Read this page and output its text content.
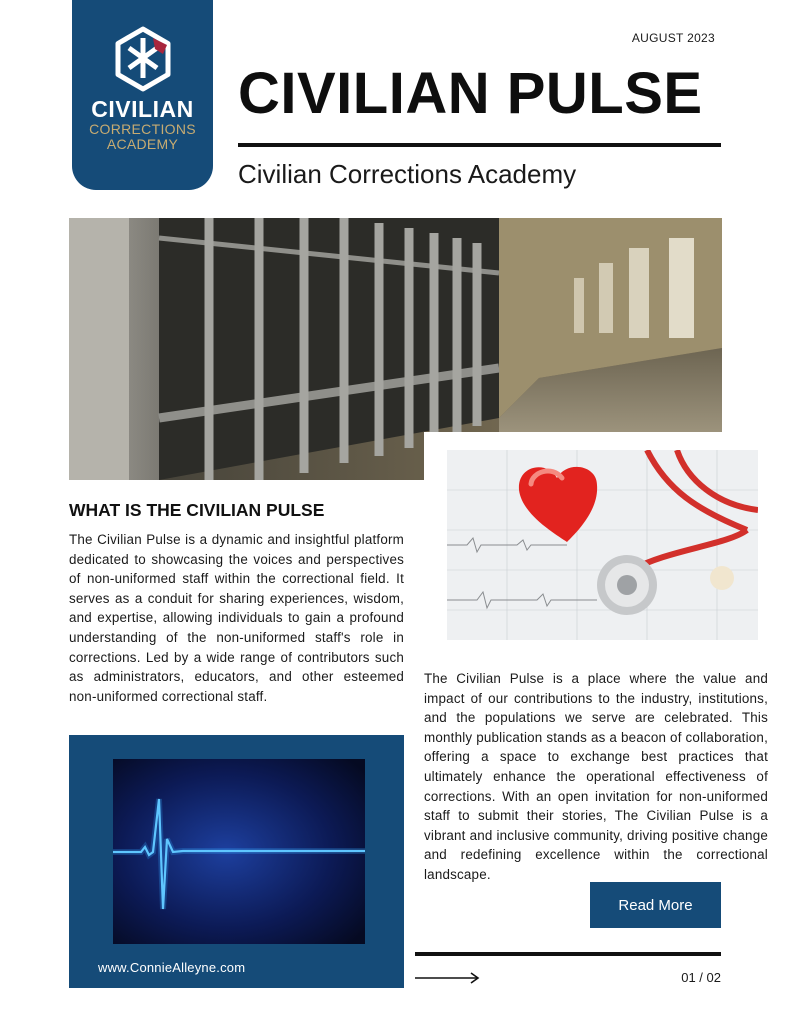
CIVILIAN
CORRECTIONS
ACADEMY
AUGUST 2023
CIVILIAN PULSE
Civilian Corrections Academy
WHAT IS THE CIVILIAN PULSE
The Civilian Pulse is a dynamic and insightful platform dedicated to showcasing the voices and perspectives of non-uniformed staff within the correctional field. It serves as a conduit for sharing experiences, wisdom, and expertise, allowing individuals to gain a profound understanding of the non-uniformed staff's role in corrections. Led by a wide range of contributors such as administrators, educators, and other esteemed non-uniformed correctional staff.
The Civilian Pulse is a place where the value and impact of our contributions to the industry, institutions, and the populations we serve are celebrated. This monthly publication stands as a beacon of collaboration, offering a space to exchange best practices that ultimately enhance the operational effectiveness of corrections. With an open invitation for non-uniformed staff to submit their stories, The Civilian Pulse is a vibrant and inclusive community, driving positive change and redefining excellence within the correctional landscape.
www.ConnieAlleyne.com
Read More
01 / 02
